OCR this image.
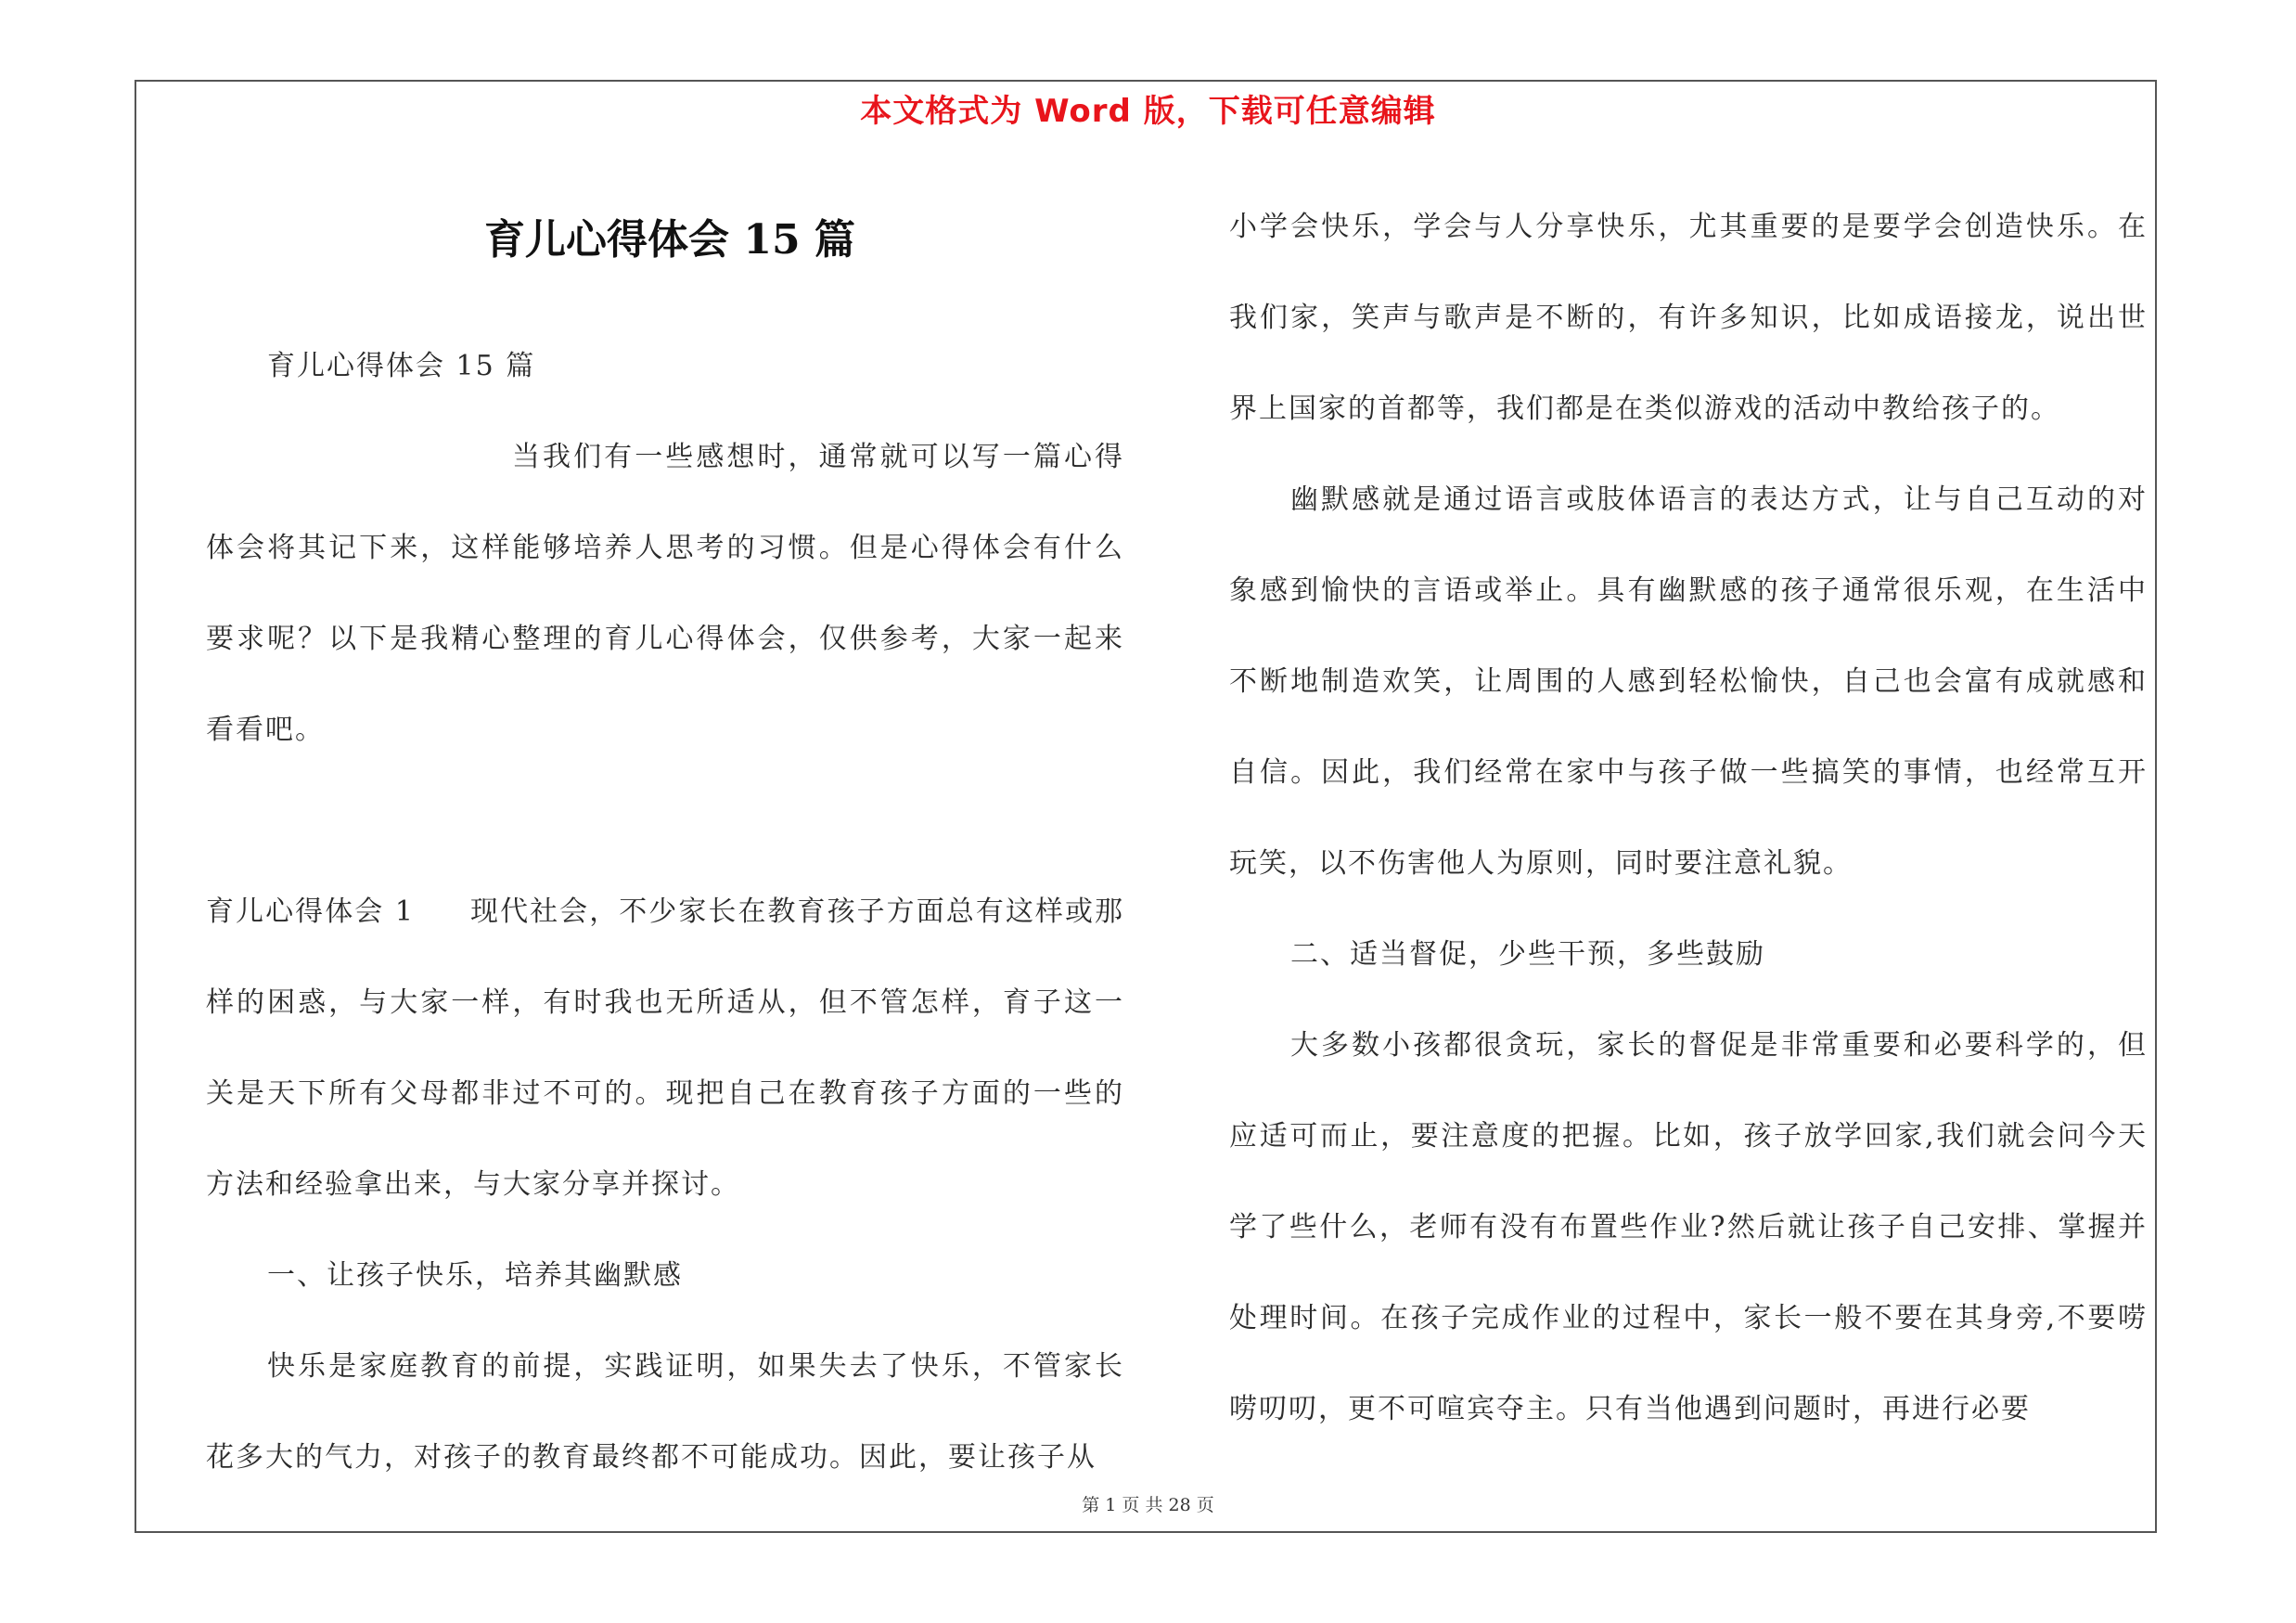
本文格式为 Word 版，下载可任意编辑
育儿心得体会 15 篇

育儿心得体会 15 篇

当我们有一些感想时，通常就可以写一篇心得体会将其记下来，这样能够培养人思考的习惯。但是心得体会有什么要求呢？以下是我精心整理的育儿心得体会，仅供参考，大家一起来看看吧。

育儿心得体会 1 现代社会，不少家长在教育孩子方面总有这样或那样的困惑，与大家一样，有时我也无所适从，但不管怎样，育子这一关是天下所有父母都非过不可的。现把自己在教育孩子方面的一些的方法和经验拿出来，与大家分享并探讨。

一、让孩子快乐，培养其幽默感

快乐是家庭教育的前提，实践证明，如果失去了快乐，不管家长花多大的气力，对孩子的教育最终都不可能成功。因此，要让孩子从

小学会快乐，学会与人分享快乐，尤其重要的是要学会创造快乐。在我们家，笑声与歌声是不断的，有许多知识，比如成语接龙，说出世界上国家的首都等，我们都是在类似游戏的活动中教给孩子的。

幽默感就是通过语言或肢体语言的表达方式，让与自己互动的对象感到愉快的言语或举止。具有幽默感的孩子通常很乐观，在生活中不断地制造欢笑，让周围的人感到轻松愉快，自己也会富有成就感和自信。因此，我们经常在家中与孩子做一些搞笑的事情，也经常互开玩笑，以不伤害他人为原则，同时要注意礼貌。

二、适当督促，少些干预，多些鼓励

大多数小孩都很贪玩，家长的督促是非常重要和必要科学的，但应适可而止，要注意度的把握。比如，孩子放学回家,我们就会问今天学了些什么，老师有没有布置些作业?然后就让孩子自己安排、掌握并处理时间。在孩子完成作业的过程中，家长一般不要在其身旁,不要唠唠叨叨，更不可喧宾夺主。只有当他遇到问题时，再进行必要

第 1 页 共 28 页
